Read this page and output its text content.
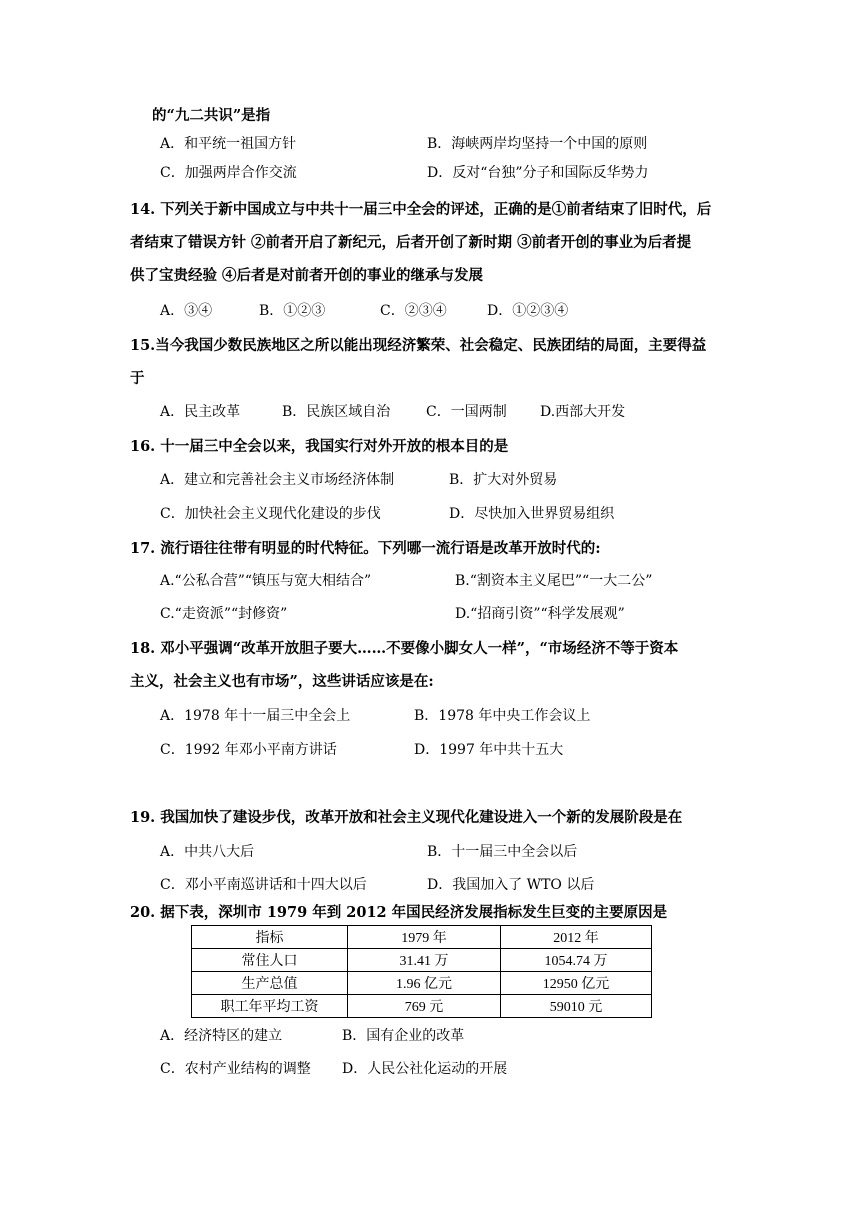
的“九二共识”是指
A．和平统一祖国方针	B．海峡两岸均坚持一个中国的原则
C．加强两岸合作交流	D．反对“台独”分子和国际反华势力
14. 下列关于新中国成立与中共十一届三中全会的评述，正确的是①前者结束了旧时代，后
者结束了错误方针 ②前者开启了新纪元，后者开创了新时期 ③前者开创的事业为后者提
供了宝贵经验 ④后者是对前者开创的事业的继承与发展
A．③④	B．①②③	C．②③④	D．①②③④
15.当今我国少数民族地区之所以能出现经济繁荣、社会稳定、民族团结的局面，主要得益
于
A．民主改革	B．民族区域自治	C．一国两制 D.西部大开发
16. 十一届三中全会以来，我国实行对外开放的根本目的是
A．建立和完善社会主义市场经济体制	B．扩大对外贸易
C．加快社会主义现代化建设的步伐	D．尽快加入世界贸易组织
17. 流行语往往带有明显的时代特征。下列哪一流行语是改革开放时代的:
A.“公私合营”“镇压与宽大相结合”	B.“割资本主义尾巴”“一大二公”
C.“走资派”“封修资”	D.“招商引资”“科学发展观”
18. 邓小平强调“改革开放胆子要大……不要像小脚女人一样”，“市场经济不等于资本
主义，社会主义也有市场”，这些讲话应该是在:
A．1978 年十一届三中全会上	B．1978 年中央工作会议上
C．1992 年邓小平南方讲话	D．1997 年中共十五大
19. 我国加快了建设步伐，改革开放和社会主义现代化建设进入一个新的发展阶段是在
A．中共八大后	B．十一届三中全会以后
C．邓小平南巡讲话和十四大以后	D．我国加入了 WTO 以后
20. 据下表，深圳市 1979 年到 2012 年国民经济发展指标发生巨变的主要原因是
指标	1979 年	2012 年
常住人口	31.41 万	1054.74 万
生产总值	1.96 亿元	12950 亿元
职工年平均工资	769 元	59010 元
A．经济特区的建立	B．国有企业的改革
C．农村产业结构的调整 D．人民公社化运动的开展
